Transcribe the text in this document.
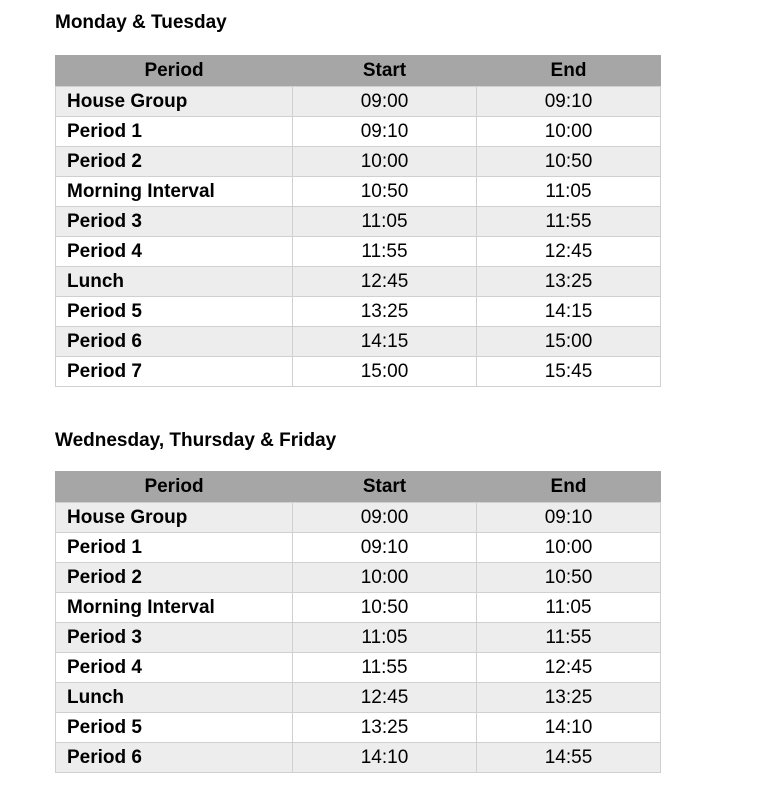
Monday & Tuesday
Period	Start	End
House Group	09:00	09:10
Period 1	09:10	10:00
Period 2	10:00	10:50
Morning Interval	10:50	11:05
Period 3	11:05	11:55
Period 4	11:55	12:45
Lunch	12:45	13:25
Period 5	13:25	14:15
Period 6	14:15	15:00
Period 7	15:00	15:45
Wednesday, Thursday & Friday
Period	Start	End
House Group	09:00	09:10
Period 1	09:10	10:00
Period 2	10:00	10:50
Morning Interval	10:50	11:05
Period 3	11:05	11:55
Period 4	11:55	12:45
Lunch	12:45	13:25
Period 5	13:25	14:10
Period 6	14:10	14:55
